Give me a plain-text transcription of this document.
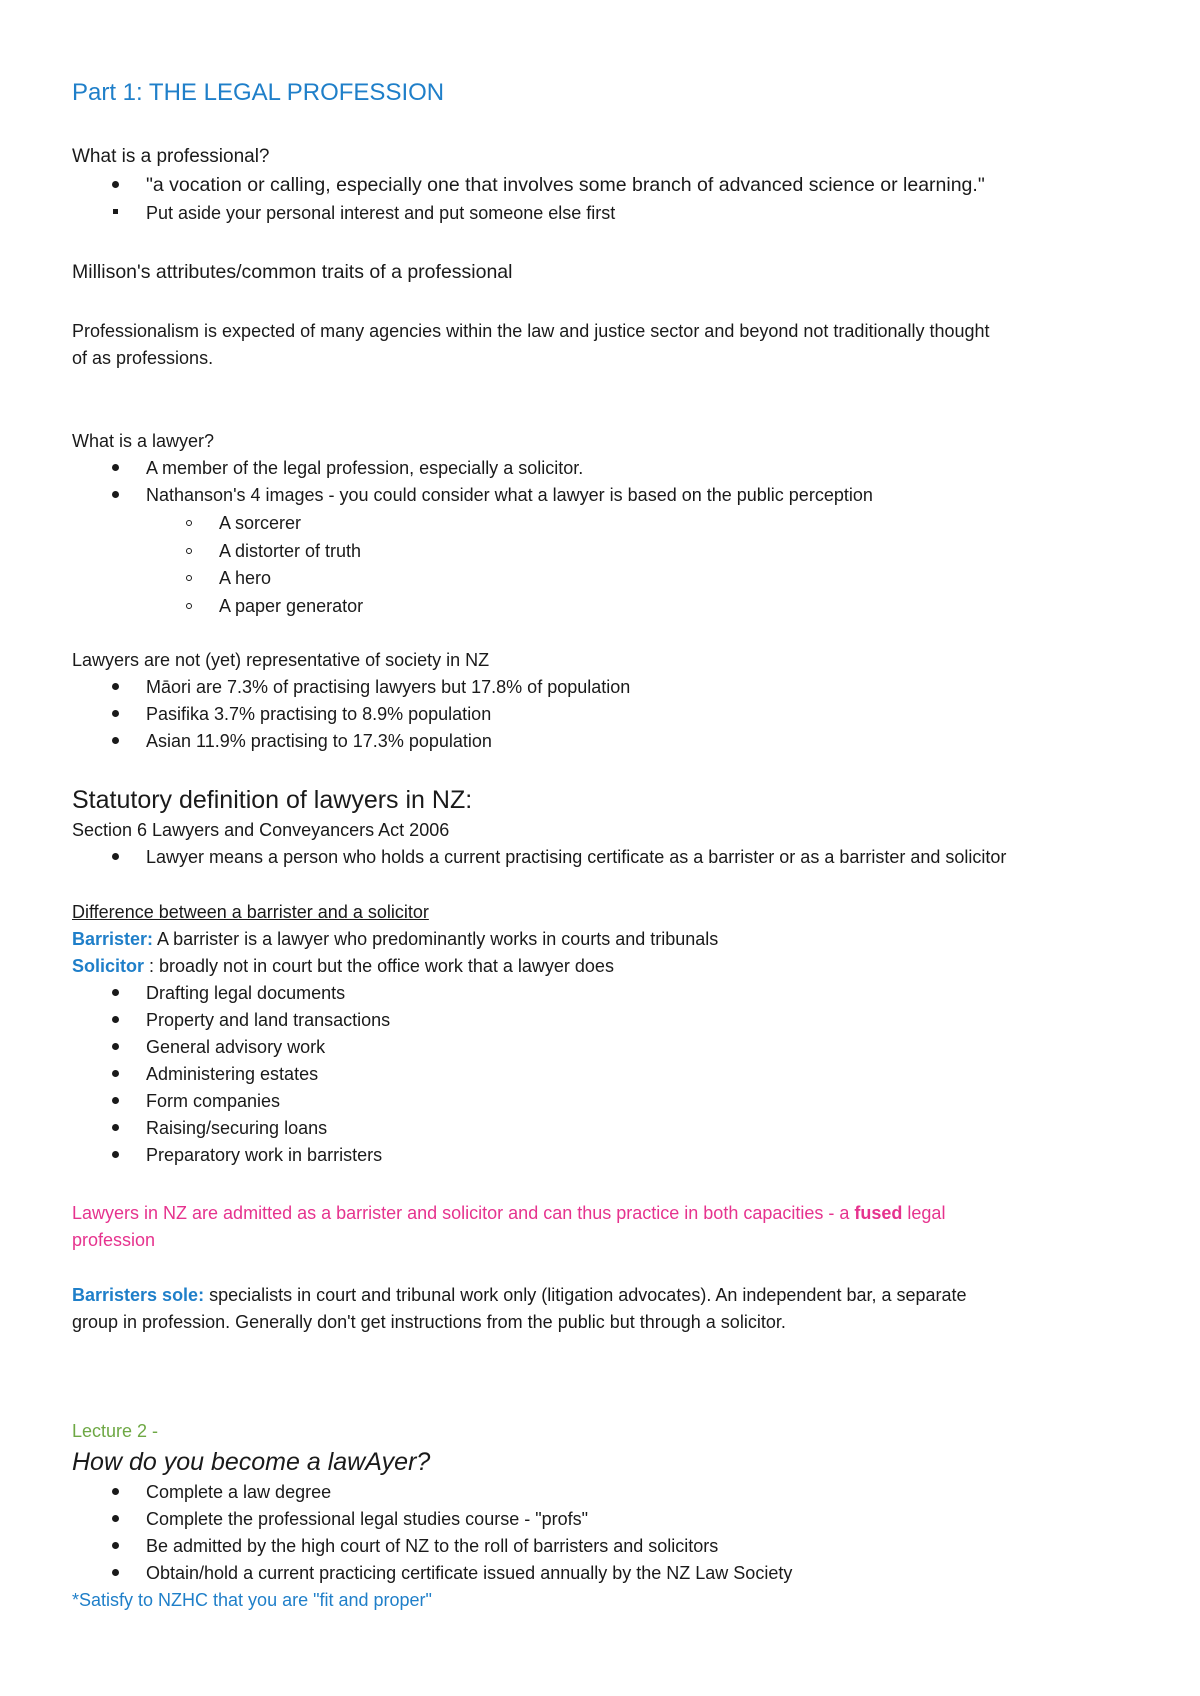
Part 1: THE LEGAL PROFESSION
What is a professional?
"a vocation or calling, especially one that involves some branch of advanced science or learning."
Put aside your personal interest and put someone else first
Millison's attributes/common traits of a professional
Professionalism is expected of many agencies within the law and justice sector and beyond not traditionally thought
of as professions.
What is a lawyer?
A member of the legal profession, especially a solicitor.
Nathanson's 4 images - you could consider what a lawyer is based on the public perception
A sorcerer
A distorter of truth
A hero
A paper generator
Lawyers are not (yet) representative of society in NZ
Māori are 7.3% of practising lawyers but 17.8% of population
Pasifika 3.7% practising to 8.9% population
Asian 11.9% practising to 17.3% population
Statutory definition of lawyers in NZ:
Section 6 Lawyers and Conveyancers Act 2006
Lawyer means a person who holds a current practising certificate as a barrister or as a barrister and solicitor
Difference between a barrister and a solicitor
Barrister: A barrister is a lawyer who predominantly works in courts and tribunals
Solicitor : broadly not in court but the office work that a lawyer does
Drafting legal documents
Property and land transactions
General advisory work
Administering estates
Form companies
Raising/securing loans
Preparatory work in barristers
Lawyers in NZ are admitted as a barrister and solicitor and can thus practice in both capacities - a fused legal
profession
Barristers sole: specialists in court and tribunal work only (litigation advocates). An independent bar, a separate
group in profession. Generally don't get instructions from the public but through a solicitor.
Lecture 2 -
How do you become a lawAyer?
Complete a law degree
Complete the professional legal studies course - "profs"
Be admitted by the high court of NZ to the roll of barristers and solicitors
Obtain/hold a current practicing certificate issued annually by the NZ Law Society
*Satisfy to NZHC that you are "fit and proper"
